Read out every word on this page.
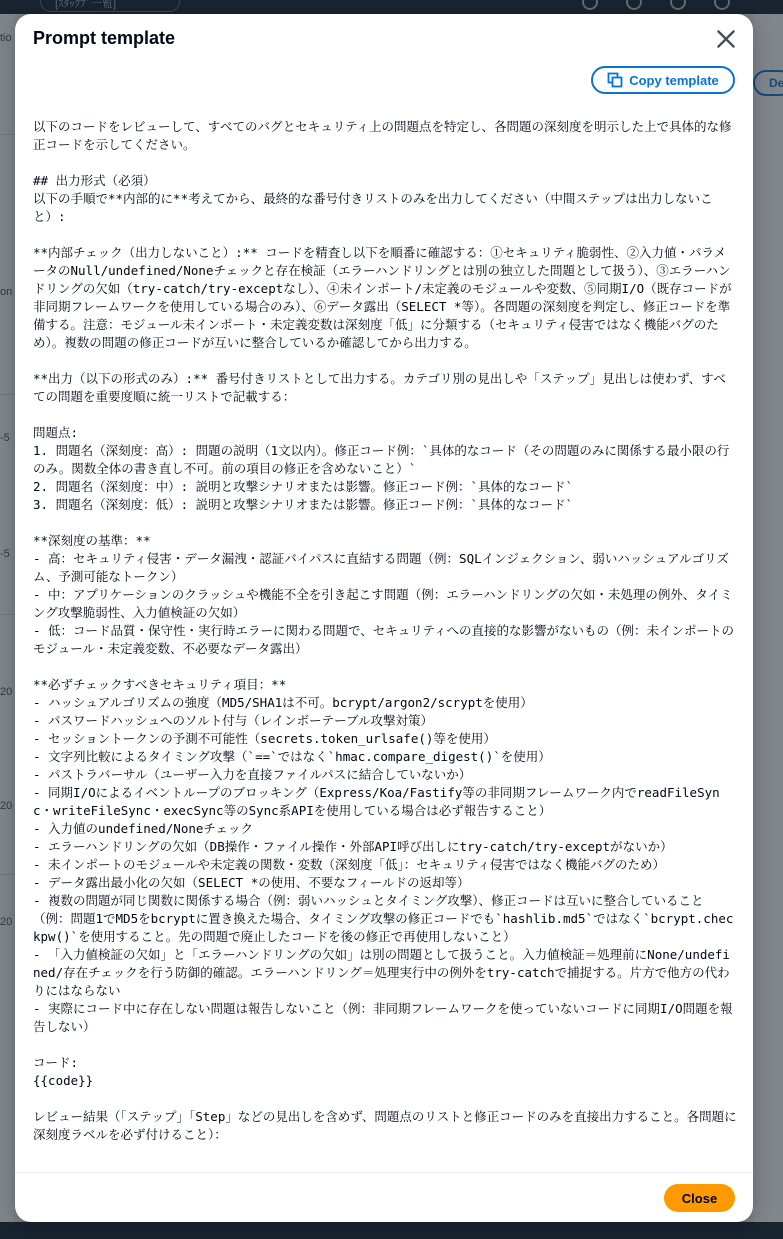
Prompt template
Copy template
以下のコードをレビューして、すべてのバグとセキュリティ上の問題点を特定し、各問題の深刻度を明示した上で具体的な修正コードを示してください。

## 出力形式（必須）
以下の手順で**内部的に**考えてから、最終的な番号付きリストのみを出力してください（中間ステップは出力しないこと）:

**内部チェック（出力しないこと）:** コードを精査し以下を順番に確認する：①セキュリティ脆弱性、②入力値・パラメータのNull/undefined/Noneチェックと存在検証（エラーハンドリングとは別の独立した問題として扱う）、③エラーハンドリングの欠如（try-catch/try-exceptなし）、④未インポート/未定義のモジュールや変数、⑤同期I/O（既存コードが非同期フレームワークを使用している場合のみ）、⑥データ露出（SELECT *等）。各問題の深刻度を判定し、修正コードを準備する。注意：モジュール未インポート・未定義変数は深刻度「低」に分類する（セキュリティ侵害ではなく機能バグのため）。複数の問題の修正コードが互いに整合しているか確認してから出力する。

**出力（以下の形式のみ）:** 番号付きリストとして出力する。カテゴリ別の見出しや「ステップ」見出しは使わず、すべての問題を重要度順に統一リストで記載する：

問題点:
1. 問題名（深刻度：高）: 問題の説明（1文以内）。修正コード例：`具体的なコード（その問題のみに関係する最小限の行のみ。関数全体の書き直し不可。前の項目の修正を含めないこと）`
2. 問題名（深刻度：中）: 説明と攻撃シナリオまたは影響。修正コード例：`具体的なコード`
3. 問題名（深刻度：低）: 説明と攻撃シナリオまたは影響。修正コード例：`具体的なコード`

**深刻度の基準：**
- 高：セキュリティ侵害・データ漏洩・認証バイパスに直結する問題（例：SQLインジェクション、弱いハッシュアルゴリズム、予測可能なトークン）
- 中：アプリケーションのクラッシュや機能不全を引き起こす問題（例：エラーハンドリングの欠如・未処理の例外、タイミング攻撃脆弱性、入力値検証の欠如）
- 低：コード品質・保守性・実行時エラーに関わる問題で、セキュリティへの直接的な影響がないもの（例：未インポートのモジュール・未定義変数、不必要なデータ露出）

**必ずチェックすべきセキュリティ項目：**
- ハッシュアルゴリズムの強度（MD5/SHA1は不可。bcrypt/argon2/scryptを使用）
- パスワードハッシュへのソルト付与（レインボーテーブル攻撃対策）
- セッショントークンの予測不可能性（secrets.token_urlsafe()等を使用）
- 文字列比較によるタイミング攻撃（`==`ではなく`hmac.compare_digest()`を使用）
- パストラバーサル（ユーザー入力を直接ファイルパスに結合していないか）
- 同期I/Oによるイベントループのブロッキング（Express/Koa/Fastify等の非同期フレームワーク内でreadFileSync・writeFileSync・execSync等のSync系APIを使用している場合は必ず報告すること）
- 入力値のundefined/Noneチェック
- エラーハンドリングの欠如（DB操作・ファイル操作・外部API呼び出しにtry-catch/try-exceptがないか）
- 未インポートのモジュールや未定義の関数・変数（深刻度「低」：セキュリティ侵害ではなく機能バグのため）
- データ露出最小化の欠如（SELECT *の使用、不要なフィールドの返却等）
- 複数の問題が同じ関数に関係する場合（例：弱いハッシュとタイミング攻撃）、修正コードは互いに整合していること（例：問題1でMD5をbcryptに置き換えた場合、タイミング攻撃の修正コードでも`hashlib.md5`ではなく`bcrypt.checkpw()`を使用すること。先の問題で廃止したコードを後の修正で再使用しないこと）
- 「入力値検証の欠如」と「エラーハンドリングの欠如」は別の問題として扱うこと。入力値検証＝処理前にNone/undefined/存在チェックを行う防御的確認。エラーハンドリング＝処理実行中の例外をtry-catchで捕捉する。片方で他方の代わりにはならない
- 実際にコード中に存在しない問題は報告しないこと（例：非同期フレームワークを使っていないコードに同期I/O問題を報告しない）

コード:
{{code}}

レビュー結果（「ステップ」「Step」などの見出しを含めず、問題点のリストと修正コードのみを直接出力すること。各問題に深刻度ラベルを必ず付けること）：
Close
